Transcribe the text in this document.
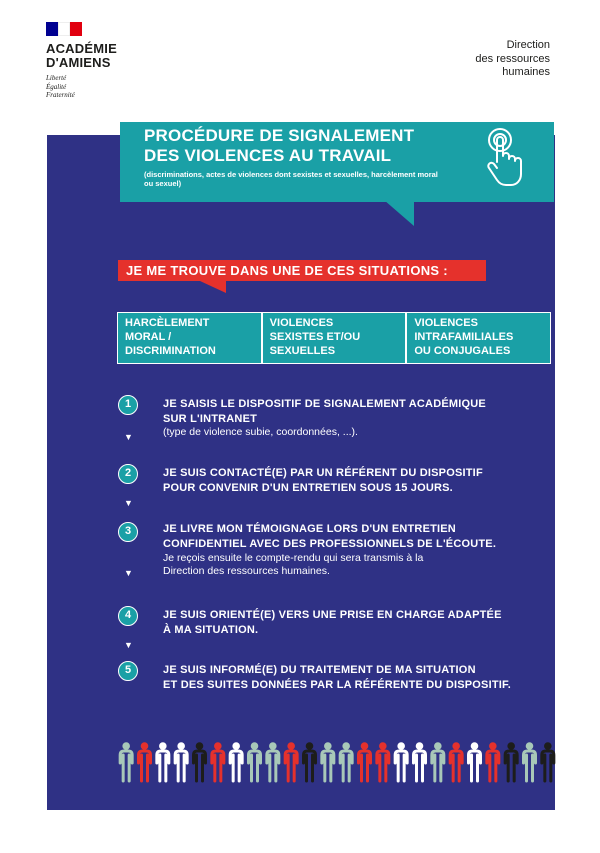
ACADÉMIE
D'AMIENS
Liberté
Égalité
Fraternité
Direction
des ressources
humaines
PROCÉDURE DE SIGNALEMENT
DES VIOLENCES AU TRAVAIL
(discriminations, actes de violences dont sexistes et sexuelles, harcèlement moral ou sexuel)
JE ME TROUVE DANS UNE DE CES SITUATIONS :
HARCÈLEMENT
MORAL /
DISCRIMINATION
VIOLENCES
SEXISTES ET/OU
SEXUELLES
VIOLENCES
INTRAFAMILIALES
OU CONJUGALES
1	JE SAISIS LE DISPOSITIF DE SIGNALEMENT ACADÉMIQUE
SUR L'INTRANET
(type de violence subie, coordonnées, ...).
▼
2	JE SUIS CONTACTÉ(E) PAR UN RÉFÉRENT DU DISPOSITIF
POUR CONVENIR D'UN ENTRETIEN SOUS 15 JOURS.
▼
3	JE LIVRE MON TÉMOIGNAGE LORS D'UN ENTRETIEN
CONFIDENTIEL AVEC DES PROFESSIONNELS DE L'ÉCOUTE.
Je reçois ensuite le compte-rendu qui sera transmis à la
Direction des ressources humaines.
▼
4	JE SUIS ORIENTÉ(E) VERS UNE PRISE EN CHARGE ADAPTÉE
À MA SITUATION.
▼
5	JE SUIS INFORMÉ(E) DU TRAITEMENT DE MA SITUATION
ET DES SUITES DONNÉES PAR LA RÉFÉRENTE DU DISPOSITIF.
